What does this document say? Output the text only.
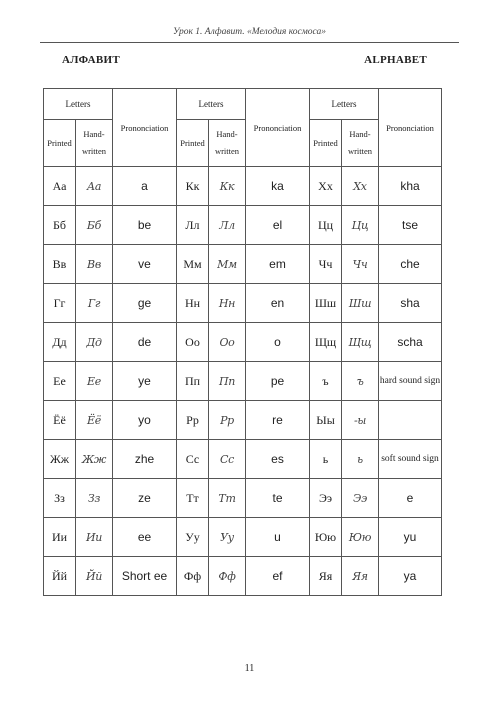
Урок 1. Алфавит. «Мелодия космоса»
АЛФАВИТ	ALPHABET
Letters		Prononciation	Letters		Prononciation	Letters		Prononciation
Printed	Hand-written		Printed	Hand-written		Printed	Hand-written	
Аа	Аа	a	Кк	Кк	ka	Хх	Хх	kha
Бб	Бб	be	Лл	Лл	el	Цц	Цц	tse
Вв	Вв	ve	Мм	Мм	em	Чч	Чч	che
Гг	Гг	ge	Нн	Нн	en	Шш	Шш	sha
Дд	Дд	de	Оо	Оо	o	Щщ	Щщ	scha
Ее	Ее	ye	Пп	Пп	pe	ъ	ъ	hard sound sign
Ёё	Ёё	yo	Рр	Рр	re	Ыы	-ы	
Жж	Жж	zhe	Сс	Сс	es	ь	ь	soft sound sign
Зз	Зз	ze	Тт	Тт	te	Ээ	Ээ	e
Ии	Ии	ee	Уу	Уу	u	Юю	Юю	yu
Йй	Йй	Short ee	Фф	Фф	ef	Яя	Яя	ya
11
